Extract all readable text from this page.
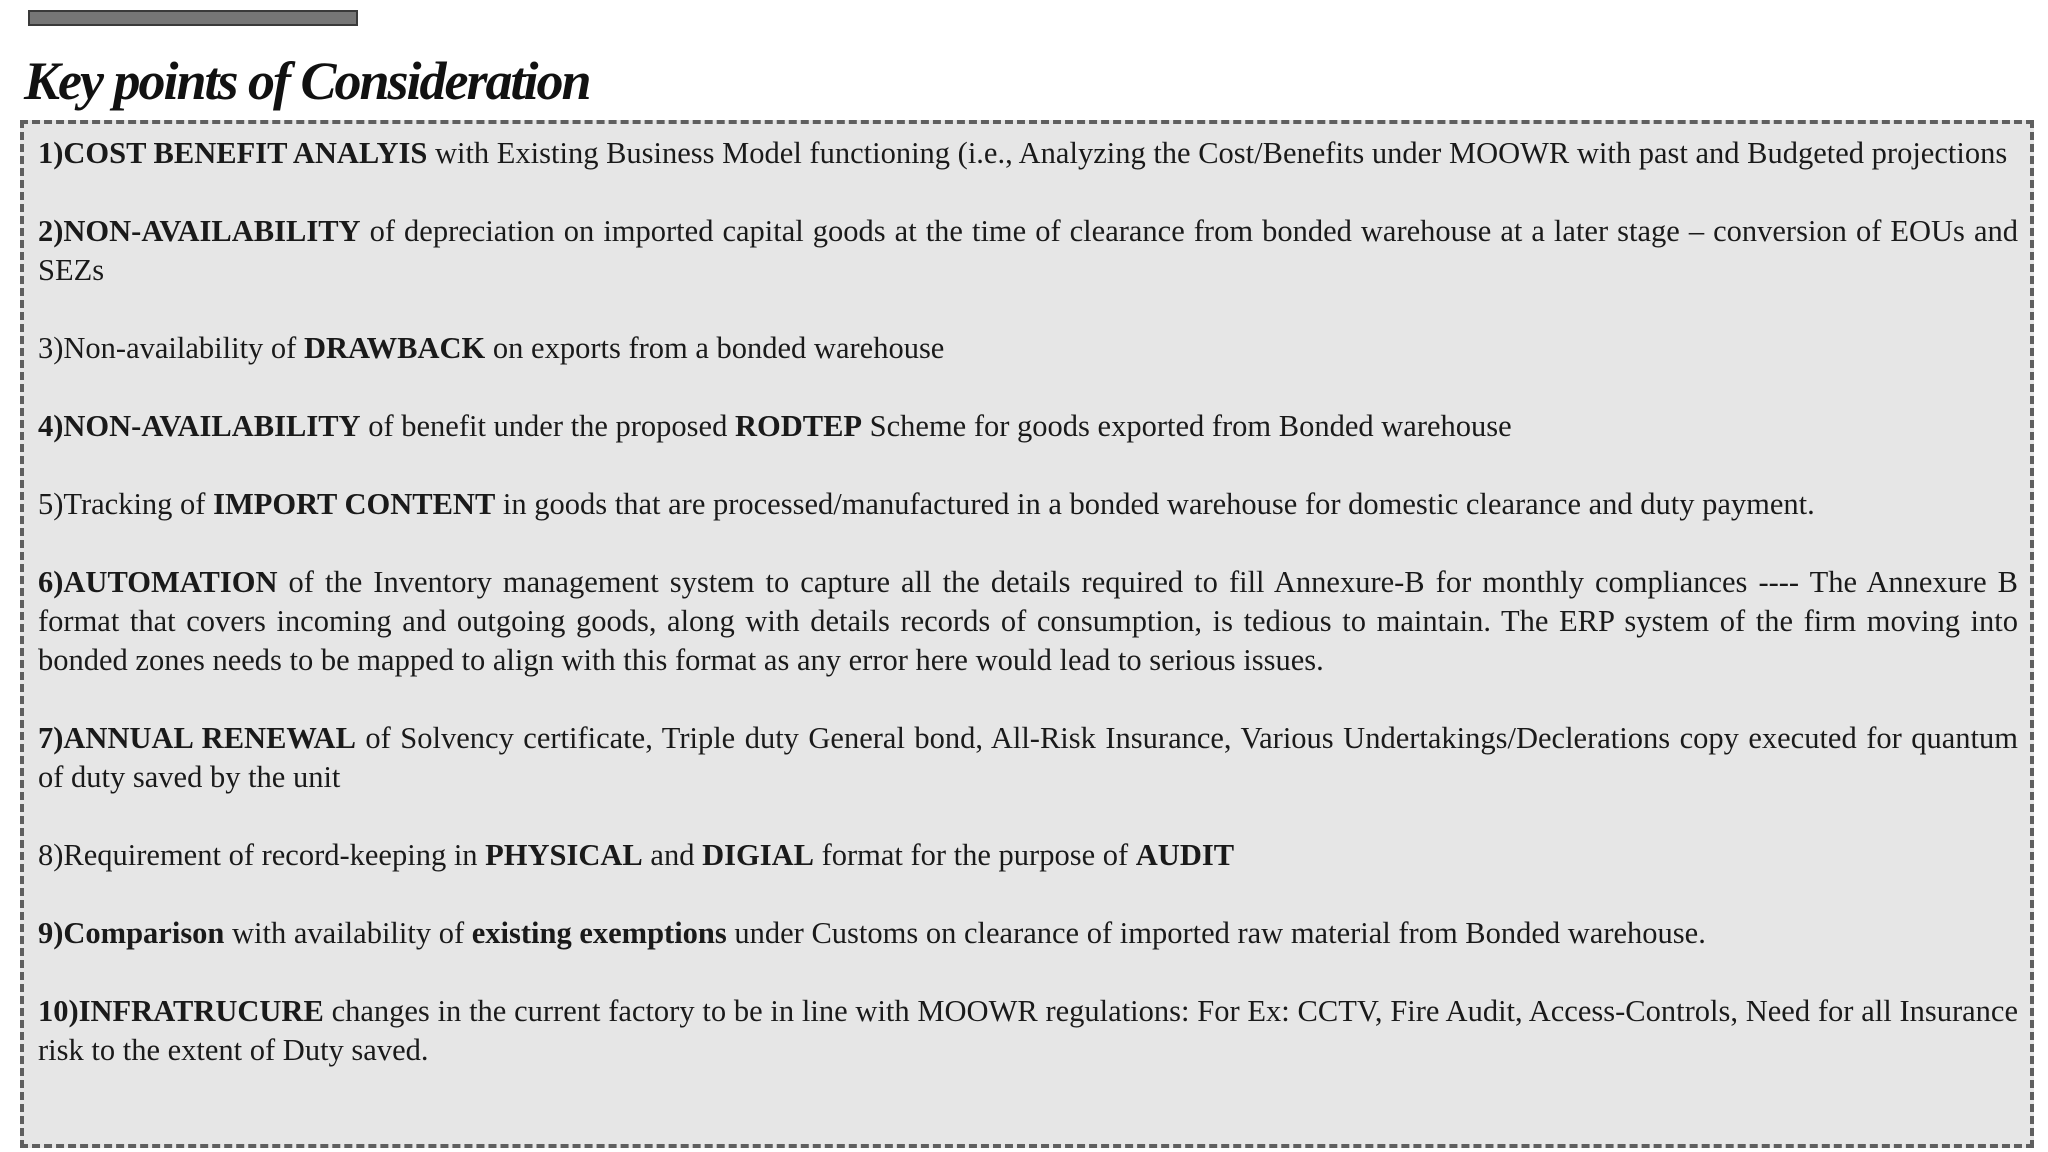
Key points of Consideration

1)COST BENEFIT ANALYIS with Existing Business Model functioning (i.e., Analyzing the Cost/Benefits under MOOWR with past and Budgeted projections

2)NON-AVAILABILITY of depreciation on imported capital goods at the time of clearance from bonded warehouse at a later stage – conversion of EOUs and SEZs

3)Non-availability of DRAWBACK on exports from a bonded warehouse

4)NON-AVAILABILITY of benefit under the proposed RODTEP Scheme for goods exported from Bonded warehouse

5)Tracking of IMPORT CONTENT in goods that are processed/manufactured in a bonded warehouse for domestic clearance and duty payment.

6)AUTOMATION of the Inventory management system to capture all the details required to fill Annexure-B for monthly compliances ---- The Annexure B format that covers incoming and outgoing goods, along with details records of consumption, is tedious to maintain. The ERP system of the firm moving into bonded zones needs to be mapped to align with this format as any error here would lead to serious issues.

7)ANNUAL RENEWAL of Solvency certificate, Triple duty General bond, All-Risk Insurance, Various Undertakings/Declerations copy executed for quantum of duty saved by the unit

8)Requirement of record-keeping in PHYSICAL and DIGIAL format for the purpose of AUDIT

9)Comparison with availability of existing exemptions under Customs on clearance of imported raw material from Bonded warehouse.

10)INFRATRUCURE changes in the current factory to be in line with MOOWR regulations: For Ex: CCTV, Fire Audit, Access-Controls, Need for all Insurance risk to the extent of Duty saved.
